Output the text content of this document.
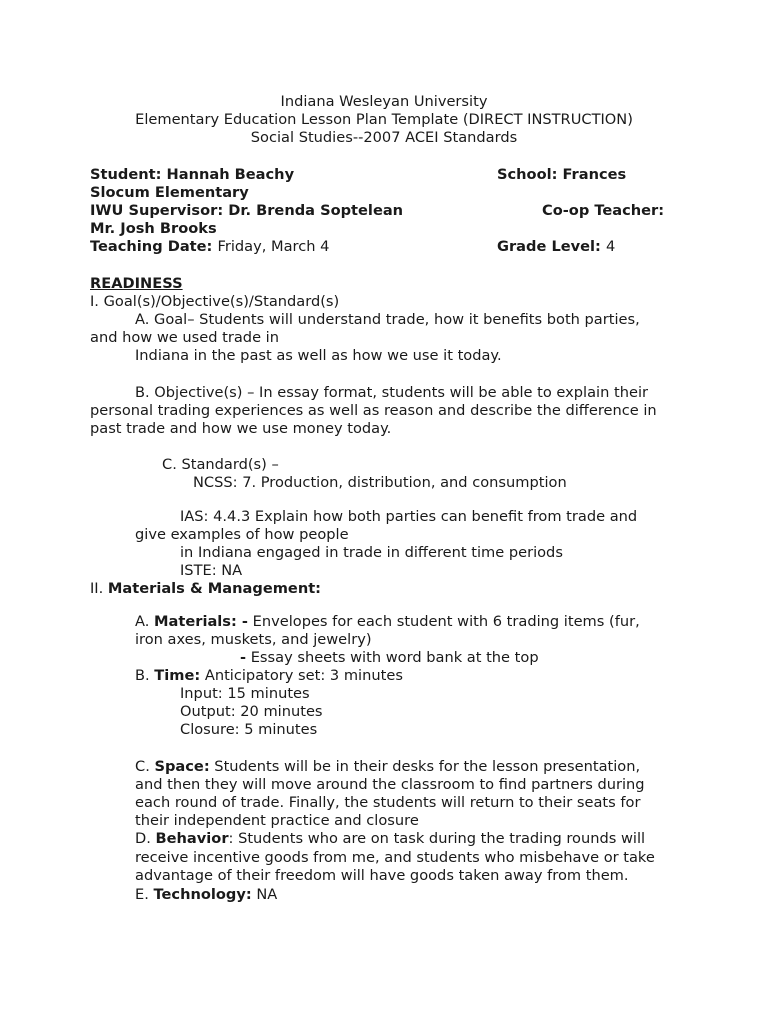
Indiana Wesleyan University
Elementary Education Lesson Plan Template (DIRECT INSTRUCTION)
Social Studies--2007 ACEI Standards
Student: Hannah Beachy	School: Frances
Slocum Elementary
IWU Supervisor: Dr. Brenda Soptelean	Co-op Teacher:
Mr. Josh Brooks
Teaching Date: Friday, March 4	Grade Level: 4
READINESS
I. Goal(s)/Objective(s)/Standard(s)
A. Goal– Students will understand trade, how it benefits both parties,
and how we used trade in
Indiana in the past as well as how we use it today.
B. Objective(s) – In essay format, students will be able to explain their
personal trading experiences as well as reason and describe the difference in
past trade and how we use money today.
C. Standard(s) –
NCSS: 7. Production, distribution, and consumption
IAS: 4.4.3 Explain how both parties can benefit from trade and
give examples of how people
in Indiana engaged in trade in different time periods
ISTE: NA
II. Materials & Management:
A. Materials: - Envelopes for each student with 6 trading items (fur,
iron axes, muskets, and jewelry)
- Essay sheets with word bank at the top
B. Time: Anticipatory set: 3 minutes
Input: 15 minutes
Output: 20 minutes
Closure: 5 minutes
C. Space: Students will be in their desks for the lesson presentation,
and then they will move around the classroom to find partners during
each round of trade. Finally, the students will return to their seats for
their independent practice and closure
D. Behavior: Students who are on task during the trading rounds will
receive incentive goods from me, and students who misbehave or take
advantage of their freedom will have goods taken away from them.
E. Technology: NA
